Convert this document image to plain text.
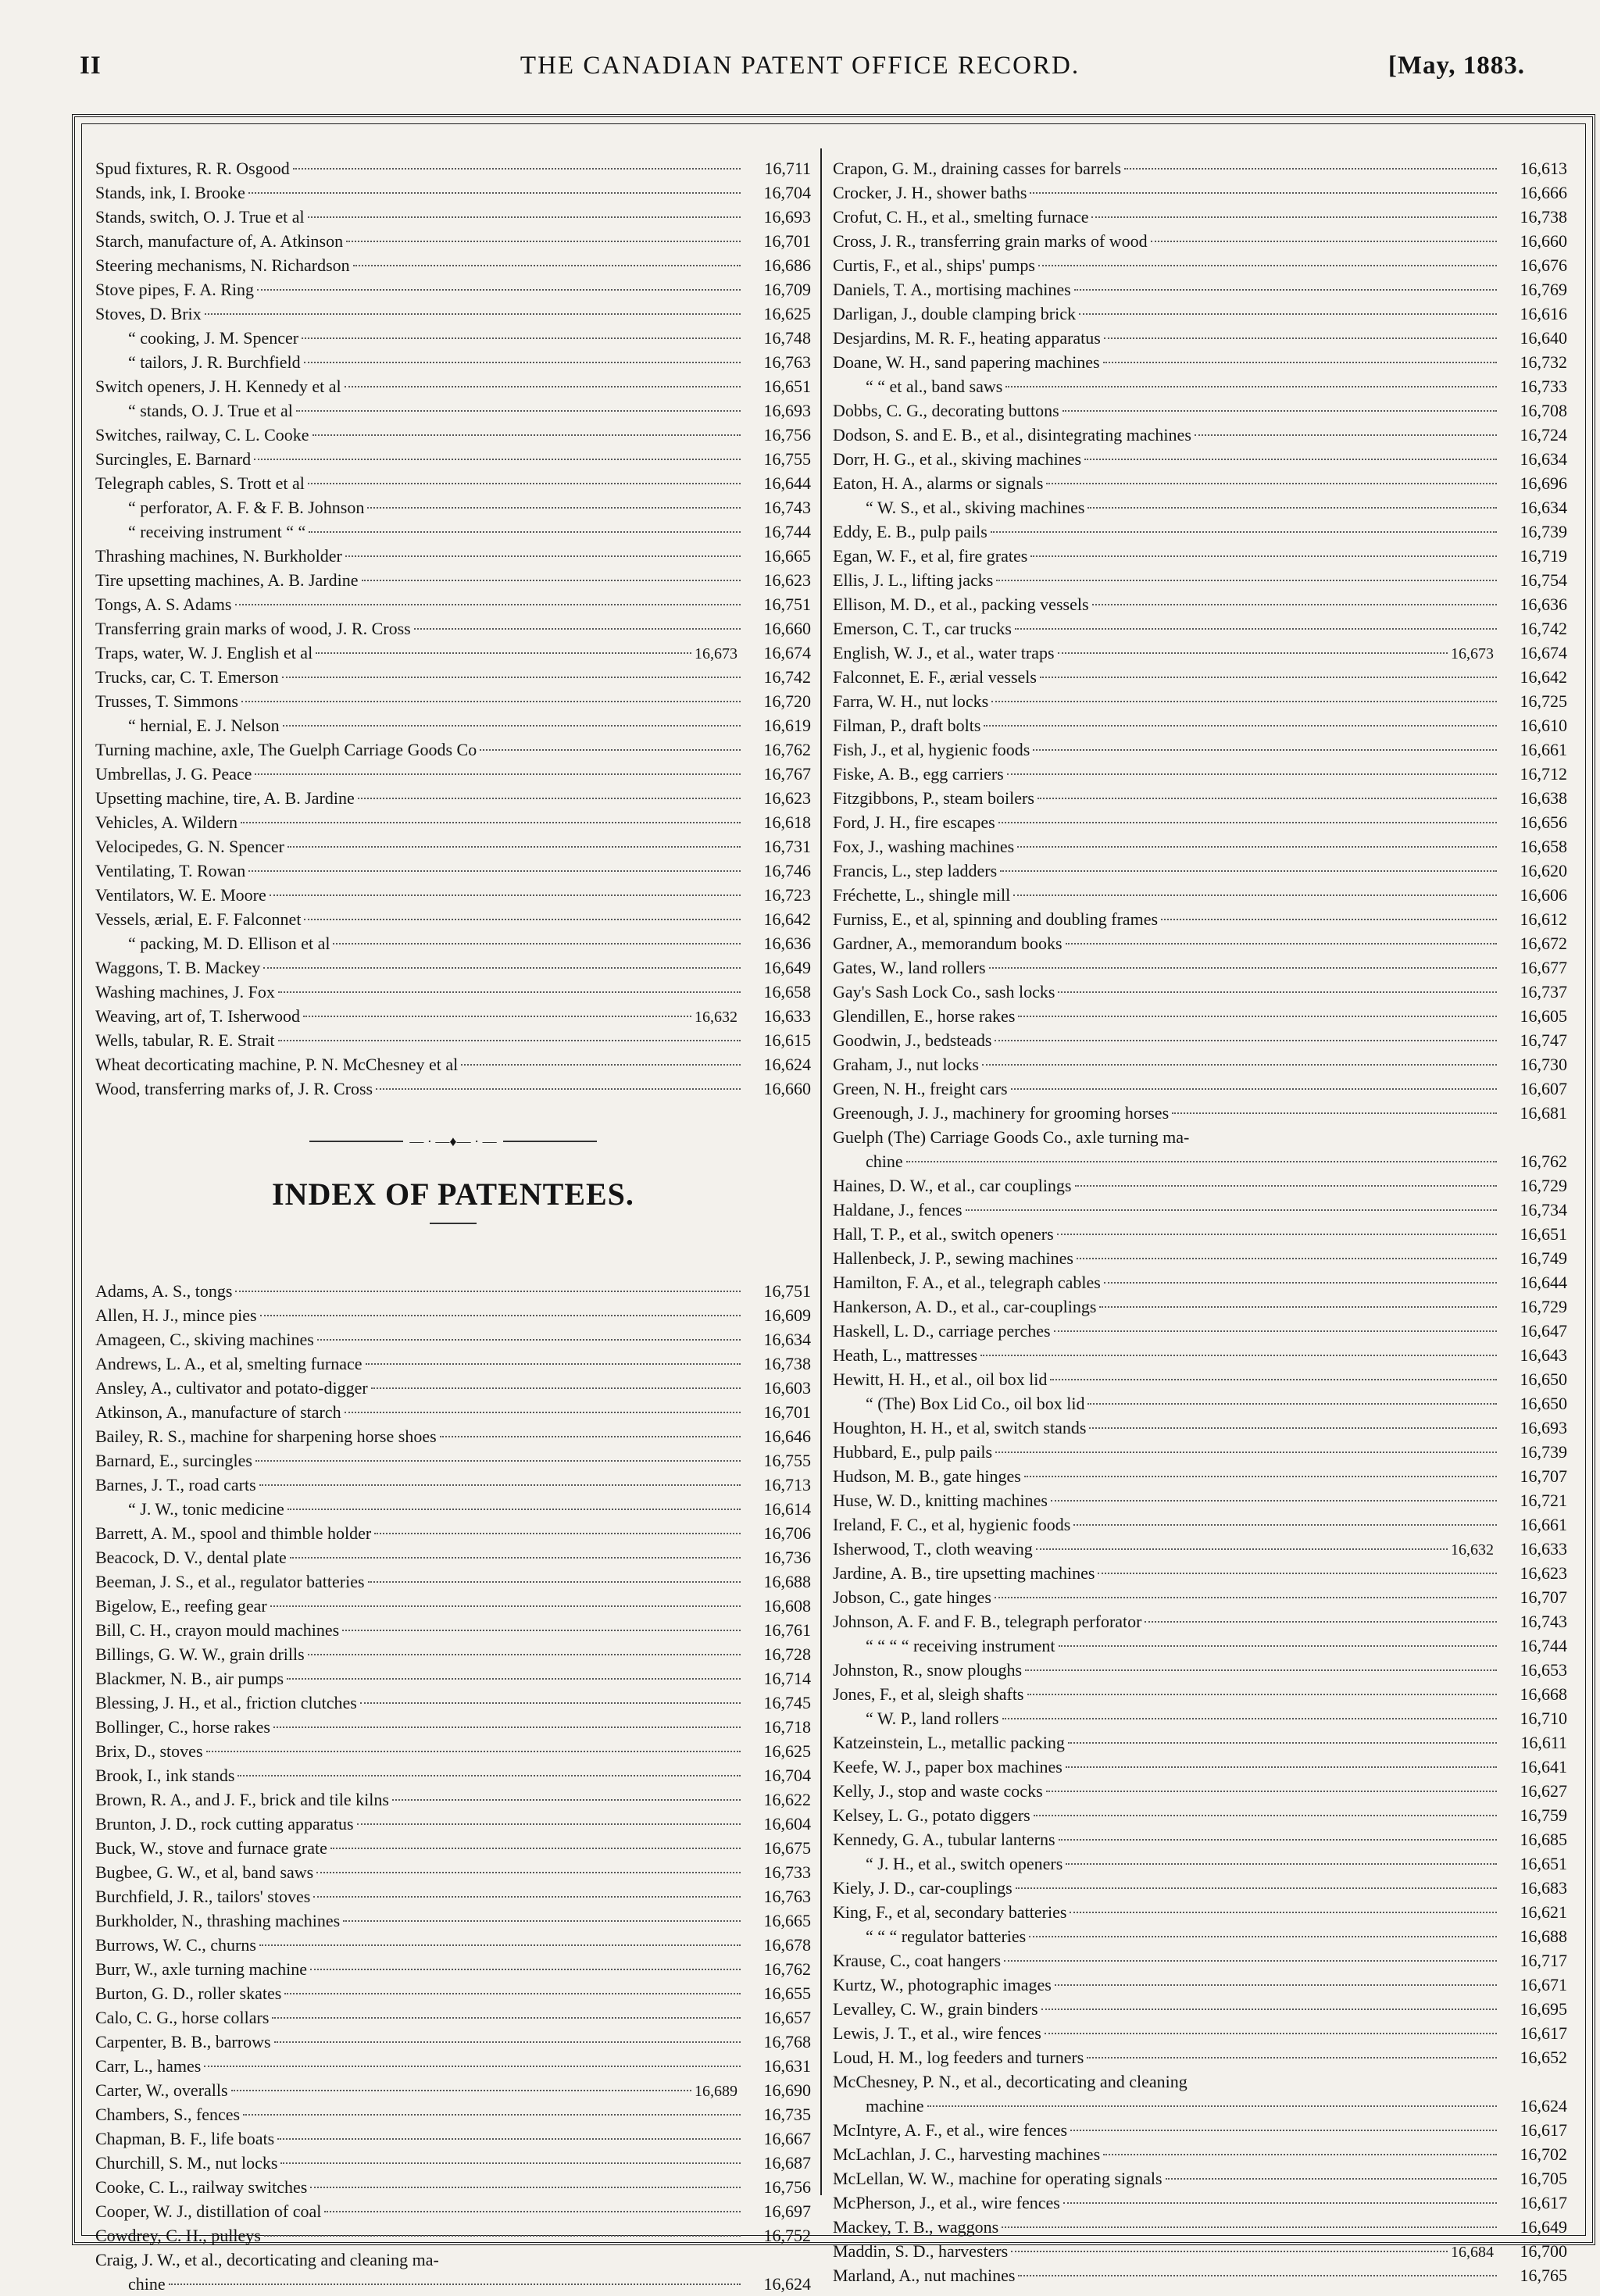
II	THE CANADIAN PATENT OFFICE RECORD.	[May, 1883.
Spud fixtures, R. R. Osgood	16,711
Stands, ink, I. Brooke	16,704
Stands, switch, O. J. True et al	16,693
Starch, manufacture of, A. Atkinson	16,701
Steering mechanisms, N. Richardson	16,686
Stove pipes, F. A. Ring	16,709
Stoves, D. Brix	16,625
“ cooking, J. M. Spencer	16,748
“ tailors, J. R. Burchfield	16,763
Switch openers, J. H. Kennedy et al	16,651
“ stands, O. J. True et al	16,693
Switches, railway, C. L. Cooke	16,756
Surcingles, E. Barnard	16,755
Telegraph cables, S. Trott et al	16,644
“ perforator, A. F. & F. B. Johnson	16,743
“ receiving instrument “ “	16,744
Thrashing machines, N. Burkholder	16,665
Tire upsetting machines, A. B. Jardine	16,623
Tongs, A. S. Adams	16,751
Transferring grain marks of wood, J. R. Cross	16,660
Traps, water, W. J. English et al	16,673	16,674
Trucks, car, C. T. Emerson	16,742
Trusses, T. Simmons	16,720
“ hernial, E. J. Nelson	16,619
Turning machine, axle, The Guelph Carriage Goods Co	16,762
Umbrellas, J. G. Peace	16,767
Upsetting machine, tire, A. B. Jardine	16,623
Vehicles, A. Wildern	16,618
Velocipedes, G. N. Spencer	16,731
Ventilating, T. Rowan	16,746
Ventilators, W. E. Moore	16,723
Vessels, ærial, E. F. Falconnet	16,642
“ packing, M. D. Ellison et al	16,636
Waggons, T. B. Mackey	16,649
Washing machines, J. Fox	16,658
Weaving, art of, T. Isherwood	16,632	16,633
Wells, tabular, R. E. Strait	16,615
Wheat decorticating machine, P. N. McChesney et al	16,624
Wood, transferring marks of, J. R. Cross	16,660
— · —♦— · —
INDEX OF PATENTEES.
Adams, A. S., tongs	16,751
Allen, H. J., mince pies	16,609
Amageen, C., skiving machines	16,634
Andrews, L. A., et al, smelting furnace	16,738
Ansley, A., cultivator and potato-digger	16,603
Atkinson, A., manufacture of starch	16,701
Bailey, R. S., machine for sharpening horse shoes	16,646
Barnard, E., surcingles	16,755
Barnes, J. T., road carts	16,713
“ J. W., tonic medicine	16,614
Barrett, A. M., spool and thimble holder	16,706
Beacock, D. V., dental plate	16,736
Beeman, J. S., et al., regulator batteries	16,688
Bigelow, E., reefing gear	16,608
Bill, C. H., crayon mould machines	16,761
Billings, G. W. W., grain drills	16,728
Blackmer, N. B., air pumps	16,714
Blessing, J. H., et al., friction clutches	16,745
Bollinger, C., horse rakes	16,718
Brix, D., stoves	16,625
Brook, I., ink stands	16,704
Brown, R. A., and J. F., brick and tile kilns	16,622
Brunton, J. D., rock cutting apparatus	16,604
Buck, W., stove and furnace grate	16,675
Bugbee, G. W., et al, band saws	16,733
Burchfield, J. R., tailors' stoves	16,763
Burkholder, N., thrashing machines	16,665
Burrows, W. C., churns	16,678
Burr, W., axle turning machine	16,762
Burton, G. D., roller skates	16,655
Calo, C. G., horse collars	16,657
Carpenter, B. B., barrows	16,768
Carr, L., hames	16,631
Carter, W., overalls	16,689	16,690
Chambers, S., fences	16,735
Chapman, B. F., life boats	16,667
Churchill, S. M., nut locks	16,687
Cooke, C. L., railway switches	16,756
Cooper, W. J., distillation of coal	16,697
Cowdrey, C. H., pulleys	16,752
Craig, J. W., et al., decorticating and cleaning ma-
chine	16,624
Crapon, G. M., draining casses for barrels	16,613
Crocker, J. H., shower baths	16,666
Crofut, C. H., et al., smelting furnace	16,738
Cross, J. R., transferring grain marks of wood	16,660
Curtis, F., et al., ships' pumps	16,676
Daniels, T. A., mortising machines	16,769
Darligan, J., double clamping brick	16,616
Desjardins, M. R. F., heating apparatus	16,640
Doane, W. H., sand papering machines	16,732
“ “ et al., band saws	16,733
Dobbs, C. G., decorating buttons	16,708
Dodson, S. and E. B., et al., disintegrating machines	16,724
Dorr, H. G., et al., skiving machines	16,634
Eaton, H. A., alarms or signals	16,696
“ W. S., et al., skiving machines	16,634
Eddy, E. B., pulp pails	16,739
Egan, W. F., et al, fire grates	16,719
Ellis, J. L., lifting jacks	16,754
Ellison, M. D., et al., packing vessels	16,636
Emerson, C. T., car trucks	16,742
English, W. J., et al., water traps	16,673	16,674
Falconnet, E. F., ærial vessels	16,642
Farra, W. H., nut locks	16,725
Filman, P., draft bolts	16,610
Fish, J., et al, hygienic foods	16,661
Fiske, A. B., egg carriers	16,712
Fitzgibbons, P., steam boilers	16,638
Ford, J. H., fire escapes	16,656
Fox, J., washing machines	16,658
Francis, L., step ladders	16,620
Fréchette, L., shingle mill	16,606
Furniss, E., et al, spinning and doubling frames	16,612
Gardner, A., memorandum books	16,672
Gates, W., land rollers	16,677
Gay's Sash Lock Co., sash locks	16,737
Glendillen, E., horse rakes	16,605
Goodwin, J., bedsteads	16,747
Graham, J., nut locks	16,730
Green, N. H., freight cars	16,607
Greenough, J. J., machinery for grooming horses	16,681
Guelph (The) Carriage Goods Co., axle turning ma-
chine	16,762
Haines, D. W., et al., car couplings	16,729
Haldane, J., fences	16,734
Hall, T. P., et al., switch openers	16,651
Hallenbeck, J. P., sewing machines	16,749
Hamilton, F. A., et al., telegraph cables	16,644
Hankerson, A. D., et al., car-couplings	16,729
Haskell, L. D., carriage perches	16,647
Heath, L., mattresses	16,643
Hewitt, H. H., et al., oil box lid	16,650
“ (The) Box Lid Co., oil box lid	16,650
Houghton, H. H., et al, switch stands	16,693
Hubbard, E., pulp pails	16,739
Hudson, M. B., gate hinges	16,707
Huse, W. D., knitting machines	16,721
Ireland, F. C., et al, hygienic foods	16,661
Isherwood, T., cloth weaving	16,632	16,633
Jardine, A. B., tire upsetting machines	16,623
Jobson, C., gate hinges	16,707
Johnson, A. F. and F. B., telegraph perforator	16,743
“ “ “ “ receiving instrument	16,744
Johnston, R., snow ploughs	16,653
Jones, F., et al, sleigh shafts	16,668
“ W. P., land rollers	16,710
Katzeinstein, L., metallic packing	16,611
Keefe, W. J., paper box machines	16,641
Kelly, J., stop and waste cocks	16,627
Kelsey, L. G., potato diggers	16,759
Kennedy, G. A., tubular lanterns	16,685
“ J. H., et al., switch openers	16,651
Kiely, J. D., car-couplings	16,683
King, F., et al, secondary batteries	16,621
“ “ “ regulator batteries	16,688
Krause, C., coat hangers	16,717
Kurtz, W., photographic images	16,671
Levalley, C. W., grain binders	16,695
Lewis, J. T., et al., wire fences	16,617
Loud, H. M., log feeders and turners	16,652
McChesney, P. N., et al., decorticating and cleaning
machine	16,624
McIntyre, A. F., et al., wire fences	16,617
McLachlan, J. C., harvesting machines	16,702
McLellan, W. W., machine for operating signals	16,705
McPherson, J., et al., wire fences	16,617
Mackey, T. B., waggons	16,649
Maddin, S. D., harvesters	16,684	16,700
Marland, A., nut machines	16,765
